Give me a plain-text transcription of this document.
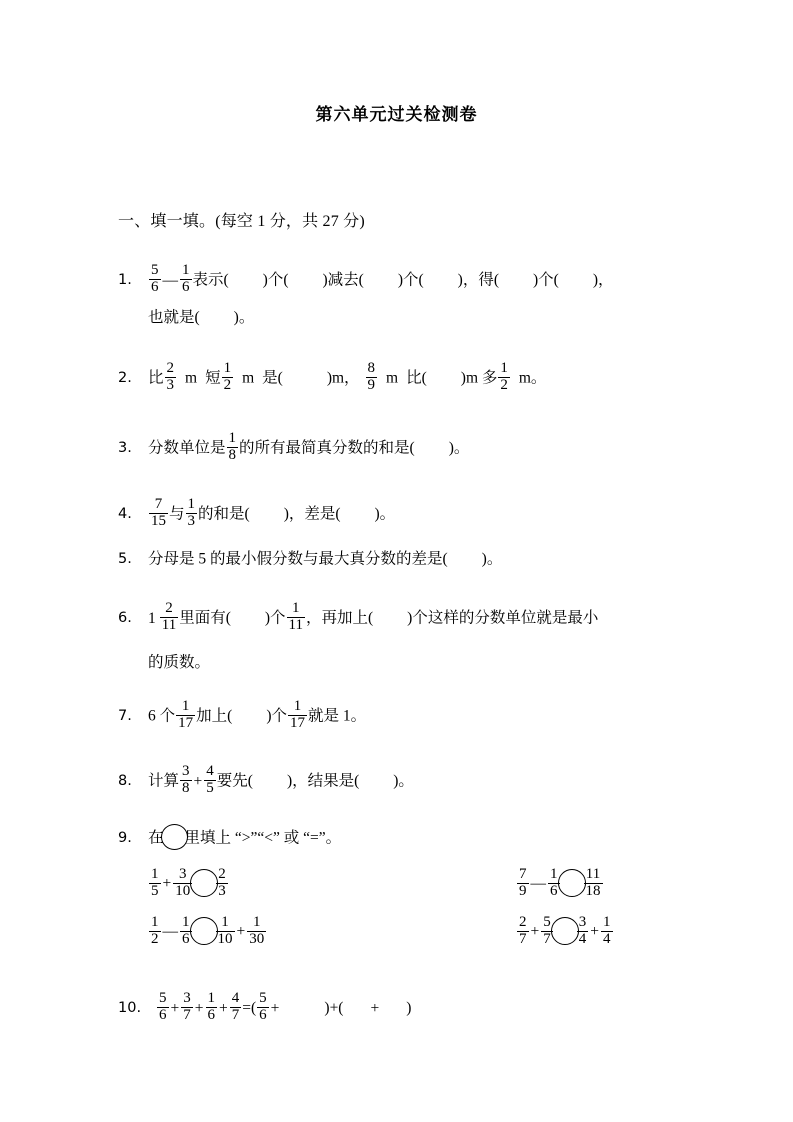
第六单元过关检测卷
一、填一填。(每空 1 分，共 27 分)
1. $\frac{5}{6}$ — $\frac{1}{6}$ 表示( )个( )减去( )个( )，得( )个( )，
也就是( )。
2. 比 $\frac{2}{3}$ m 短 $\frac{1}{2}$ m 是(	)m， $\frac{8}{9}$ m 比( )m 多 $\frac{1}{2}$ m。
3. 分数单位是 $\frac{1}{8}$ 的所有最简真分数的和是( )。
4. $\frac{7}{15}$ 与 $\frac{1}{3}$ 的和是( )，差是( )。
5. 分母是 5 的最小假分数与最大真分数的差是( )。
6. $1 \frac{2}{11}$ 里面有( )个 $\frac{1}{11}$ ，再加上( )个这样的分数单位就是最小
的质数。
7. 6 个 $\frac{1}{17}$ 加上( )个 $\frac{1}{17}$ 就是 1。
8. 计算 $\frac{3}{8} + \frac{4}{5}$ 要先( )，结果是( )。
9. 在 里填上 “>”“<” 或 “=”。
$\frac{1}{5} + \frac{3}{10} \frac{2}{3}$	$\frac{7}{9}$ — $\frac{1}{6} \frac{11}{18}$
$\frac{1}{2}$ — $\frac{1}{6} \frac{1}{10} + \frac{1}{30}$	$\frac{2}{7} + \frac{5}{7} \frac{3}{4} + \frac{1}{4}$
10. $\frac{5}{6} + \frac{3}{7} + \frac{1}{6} + \frac{4}{7}$ =( $\frac{5}{6}$ +	)+( + )
